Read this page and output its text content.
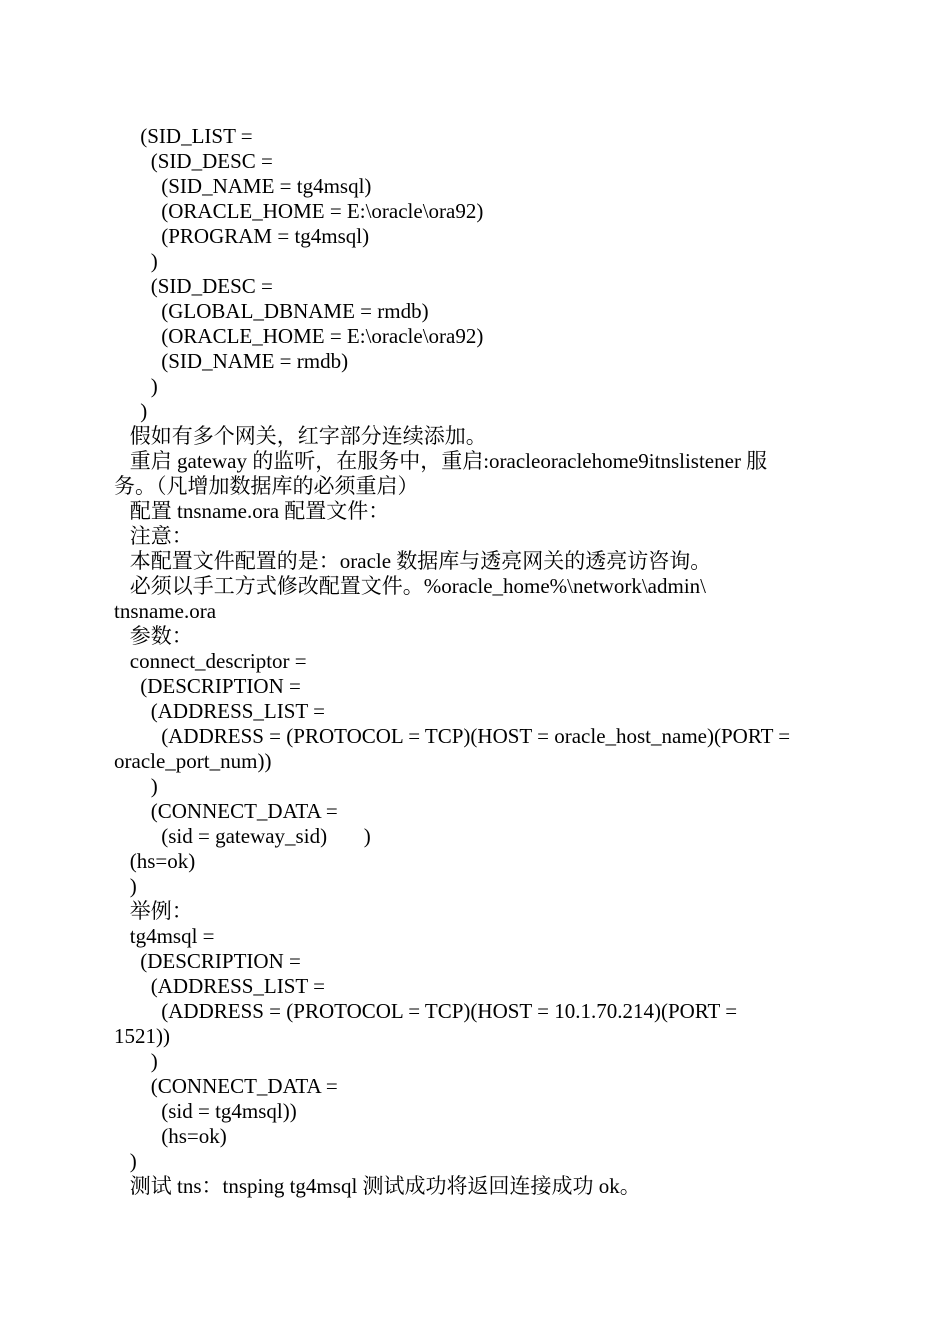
(SID_LIST =
(SID_DESC =
(SID_NAME = tg4msql)
(ORACLE_HOME = E:\oracle\ora92)
(PROGRAM = tg4msql)
)
(SID_DESC =
(GLOBAL_DBNAME = rmdb)
(ORACLE_HOME = E:\oracle\ora92)
(SID_NAME = rmdb)
)
)
假如有多个网关，红字部分连续添加。
重启 gateway 的监听，在服务中，重启:oracleoraclehome9itnslistener 服
务。（凡增加数据库的必须重启）
配置 tnsname.ora 配置文件：
注意：
本配置文件配置的是：oracle 数据库与透亮网关的透亮访咨询。
必须以手工方式修改配置文件。%oracle_home%\network\admin\
tnsname.ora
参数：
connect_descriptor =
(DESCRIPTION =
(ADDRESS_LIST =
(ADDRESS = (PROTOCOL = TCP)(HOST = oracle_host_name)(PORT =
oracle_port_num))
)
(CONNECT_DATA =
(sid = gateway_sid)       )
(hs=ok)
)
举例：
tg4msql =
(DESCRIPTION =
(ADDRESS_LIST =
(ADDRESS = (PROTOCOL = TCP)(HOST = 10.1.70.214)(PORT =
1521))
)
(CONNECT_DATA =
(sid = tg4msql))
(hs=ok)
)
测试 tns：tnsping tg4msql 测试成功将返回连接成功 ok。
